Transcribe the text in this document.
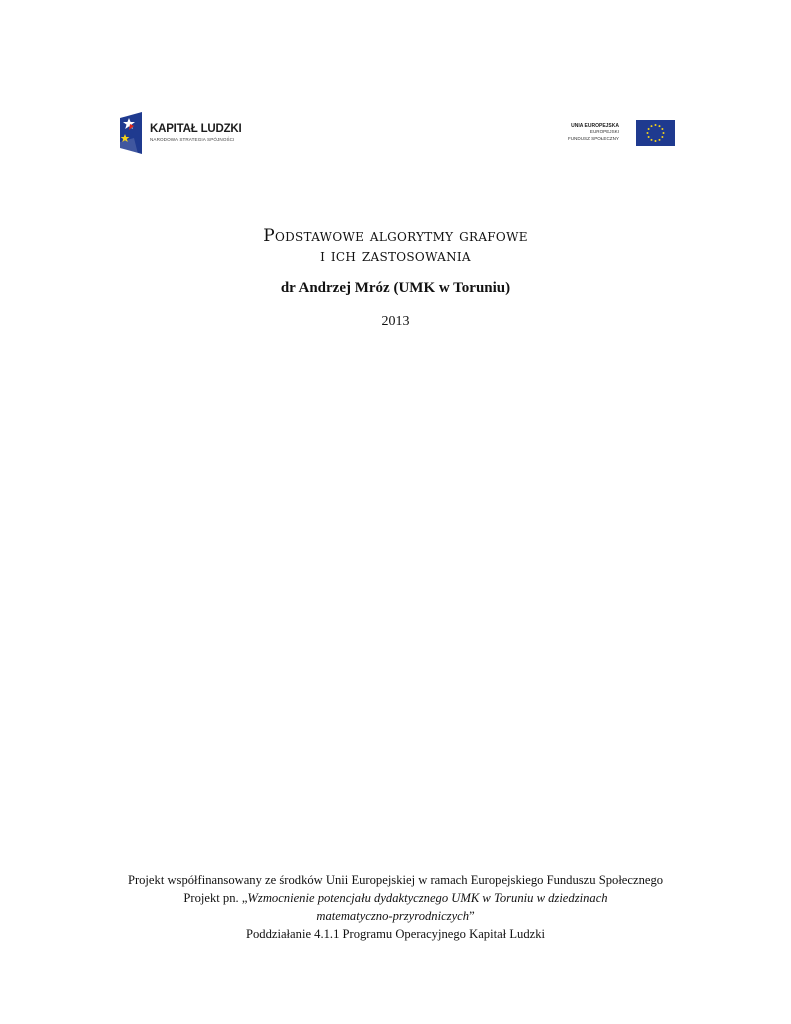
KAPITAŁ LUDZKI
NARODOWA STRATEGIA SPÓJNOŚCI
UNIA EUROPEJSKA
EUROPEJSKI
FUNDUSZ SPOŁECZNY
Podstawowe algorytmy grafowe
i ich zastosowania
dr Andrzej Mróz (UMK w Toruniu)
2013
Projekt współfinansowany ze środków Unii Europejskiej w ramach Europejskiego Funduszu Społecznego
Projekt pn. „Wzmocnienie potencjału dydaktycznego UMK w Toruniu w dziedzinach
matematyczno-przyrodniczych”
Poddziałanie 4.1.1 Programu Operacyjnego Kapitał Ludzki
